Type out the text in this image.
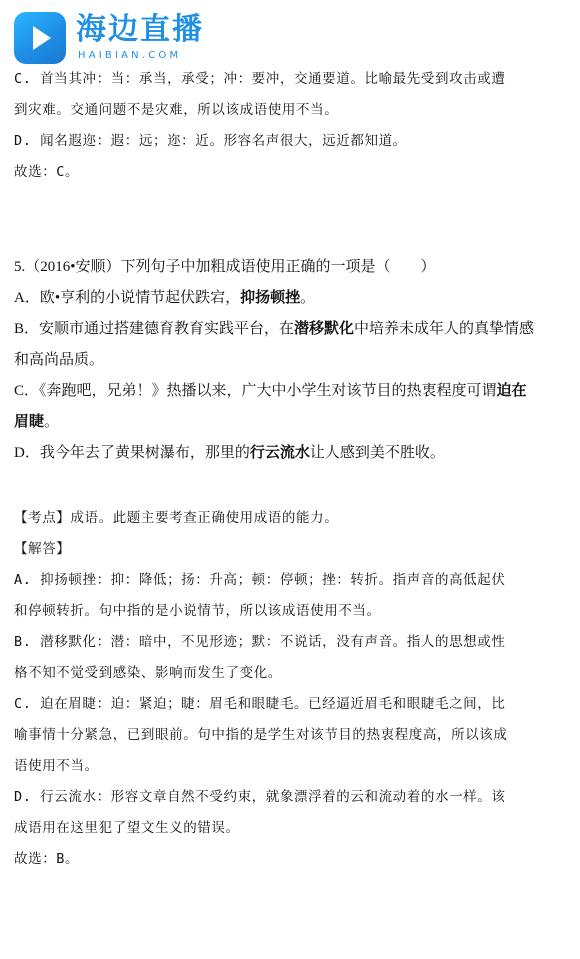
海边直播
HAIBIAN.COM

C. 首当其冲：当：承当，承受；冲：要冲，交通要道。比喻最先受到攻击或遭

到灾难。交通问题不是灾难，所以该成语使用不当。

D. 闻名遐迩：遐：远；迩：近。形容名声很大，远近都知道。

故选：C。

5.（2016•安顺）下列句子中加粗成语使用正确的一项是（　　）

A．欧•亨利的小说情节起伏跌宕，抑扬顿挫。

B．安顺市通过搭建德育教育实践平台，在潜移默化中培养未成年人的真挚情感

和高尚品质。

C．《奔跑吧，兄弟！》热播以来，广大中小学生对该节目的热衷程度可谓迫在

眉睫。

D．我今年去了黄果树瀑布，那里的行云流水让人感到美不胜收。

【考点】成语。此题主要考查正确使用成语的能力。

【解答】

A. 抑扬顿挫：抑：降低；扬：升高；顿：停顿；挫：转折。指声音的高低起伏

和停顿转折。句中指的是小说情节，所以该成语使用不当。

B. 潜移默化：潜：暗中，不见形迹；默：不说话，没有声音。指人的思想或性

格不知不觉受到感染、影响而发生了变化。

C. 迫在眉睫：迫：紧迫；睫：眉毛和眼睫毛。已经逼近眉毛和眼睫毛之间，比

喻事情十分紧急，已到眼前。句中指的是学生对该节目的热衷程度高，所以该成

语使用不当。

D. 行云流水：形容文章自然不受约束，就象漂浮着的云和流动着的水一样。该

成语用在这里犯了望文生义的错误。

故选：B。
